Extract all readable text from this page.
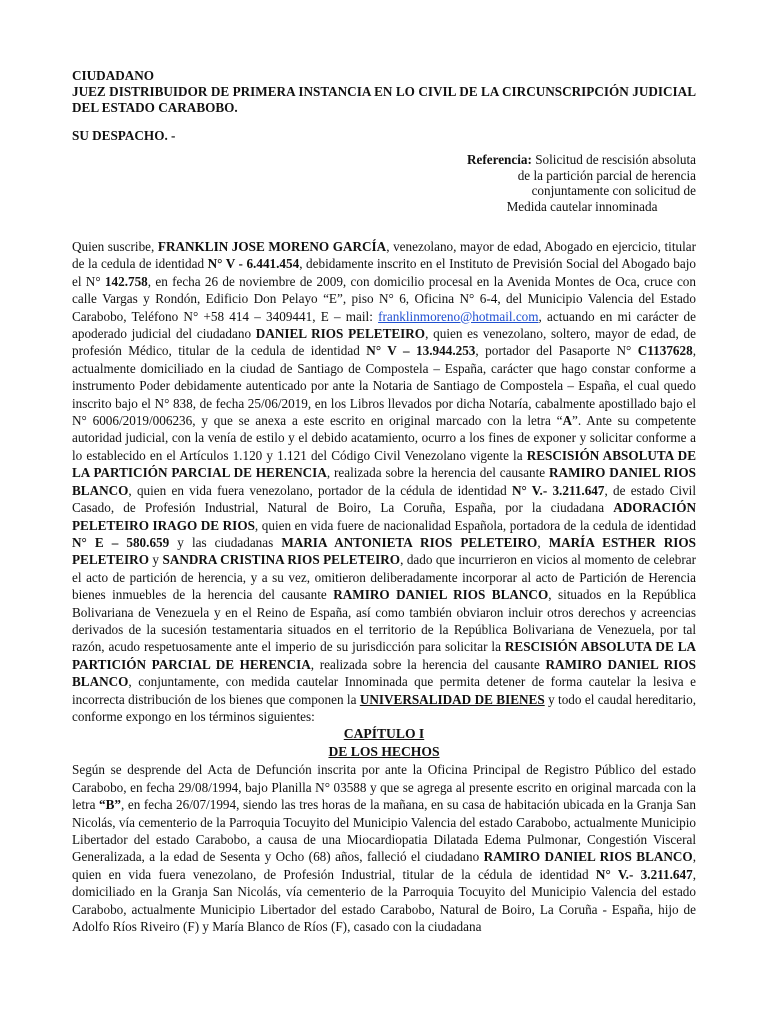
CIUDADANO

JUEZ DISTRIBUIDOR DE PRIMERA INSTANCIA EN LO CIVIL DE LA CIRCUNSCRIPCIÓN JUDICIAL DEL ESTADO CARABOBO.

SU DESPACHO. -

Referencia: Solicitud de rescisión absoluta
de la partición parcial de herencia
conjuntamente con solicitud de
Medida cautelar innominada

Quien suscribe, FRANKLIN JOSE MORENO GARCÍA, venezolano, mayor de edad, Abogado en ejercicio, titular de la cedula de identidad N° V - 6.441.454, debidamente inscrito en el Instituto de Previsión Social del Abogado bajo el N° 142.758, en fecha 26 de noviembre de 2009, con domicilio procesal en la Avenida Montes de Oca, cruce con calle Vargas y Rondón, Edificio Don Pelayo “E”, piso N° 6, Oficina N° 6-4, del Municipio Valencia del Estado Carabobo, Teléfono N° +58 414 – 3409441, E – mail: franklinmoreno@hotmail.com, actuando en mi carácter de apoderado judicial del ciudadano DANIEL RIOS PELETEIRO, quien es venezolano, soltero, mayor de edad, de profesión Médico, titular de la cedula de identidad N° V – 13.944.253, portador del Pasaporte N° C1137628, actualmente domiciliado en la ciudad de Santiago de Compostela – España, carácter que hago constar conforme a instrumento Poder debidamente autenticado por ante la Notaria de Santiago de Compostela – España, el cual quedo inscrito bajo el N° 838, de fecha 25/06/2019, en los Libros llevados por dicha Notaría, cabalmente apostillado bajo el N° 6006/2019/006236, y que se anexa a este escrito en original marcado con la letra “A”. Ante su competente autoridad judicial, con la venía de estilo y el debido acatamiento, ocurro a los fines de exponer y solicitar conforme a lo establecido en el Artículos 1.120 y 1.121 del Código Civil Venezolano vigente la RESCISIÓN ABSOLUTA DE LA PARTICIÓN PARCIAL DE HERENCIA, realizada sobre la herencia del causante RAMIRO DANIEL RIOS BLANCO, quien en vida fuera venezolano, portador de la cédula de identidad N° V.- 3.211.647, de estado Civil Casado, de Profesión Industrial, Natural de Boiro, La Coruña, España, por la ciudadana ADORACIÓN PELETEIRO IRAGO DE RIOS, quien en vida fuere de nacionalidad Española, portadora de la cedula de identidad N° E – 580.659 y las ciudadanas MARIA ANTONIETA RIOS PELETEIRO, MARÍA ESTHER RIOS PELETEIRO y SANDRA CRISTINA RIOS PELETEIRO, dado que incurrieron en vicios al momento de celebrar el acto de partición de herencia, y a su vez, omitieron deliberadamente incorporar al acto de Partición de Herencia bienes inmuebles de la herencia del causante RAMIRO DANIEL RIOS BLANCO, situados en la República Bolivariana de Venezuela y en el Reino de España, así como también obviaron incluir otros derechos y acreencias derivados de la sucesión testamentaria situados en el territorio de la República Bolivariana de Venezuela, por tal razón, acudo respetuosamente ante el imperio de su jurisdicción para solicitar la RESCISIÓN ABSOLUTA DE LA PARTICIÓN PARCIAL DE HERENCIA, realizada sobre la herencia del causante RAMIRO DANIEL RIOS BLANCO, conjuntamente, con medida cautelar Innominada que permita detener de forma cautelar la lesiva e incorrecta distribución de los bienes que componen la UNIVERSALIDAD DE BIENES y todo el caudal hereditario, conforme expongo en los términos siguientes:

CAPÍTULO I

DE LOS HECHOS

Según se desprende del Acta de Defunción inscrita por ante la Oficina Principal de Registro Público del estado Carabobo, en fecha 29/08/1994, bajo Planilla N° 03588 y que se agrega al presente escrito en original marcada con la letra “B”, en fecha 26/07/1994, siendo las tres horas de la mañana, en su casa de habitación ubicada en la Granja San Nicolás, vía cementerio de la Parroquia Tocuyito del Municipio Valencia del estado Carabobo, actualmente Municipio Libertador del estado Carabobo, a causa de una Miocardiopatia Dilatada Edema Pulmonar, Congestión Visceral Generalizada, a la edad de Sesenta y Ocho (68) años, falleció el ciudadano RAMIRO DANIEL RIOS BLANCO, quien en vida fuera venezolano, de Profesión Industrial, titular de la cédula de identidad N° V.- 3.211.647, domiciliado en la Granja San Nicolás, vía cementerio de la Parroquia Tocuyito del Municipio Valencia del estado Carabobo, actualmente Municipio Libertador del estado Carabobo, Natural de Boiro, La Coruña - España, hijo de Adolfo Ríos Riveiro (F) y María Blanco de Ríos (F), casado con la ciudadana
